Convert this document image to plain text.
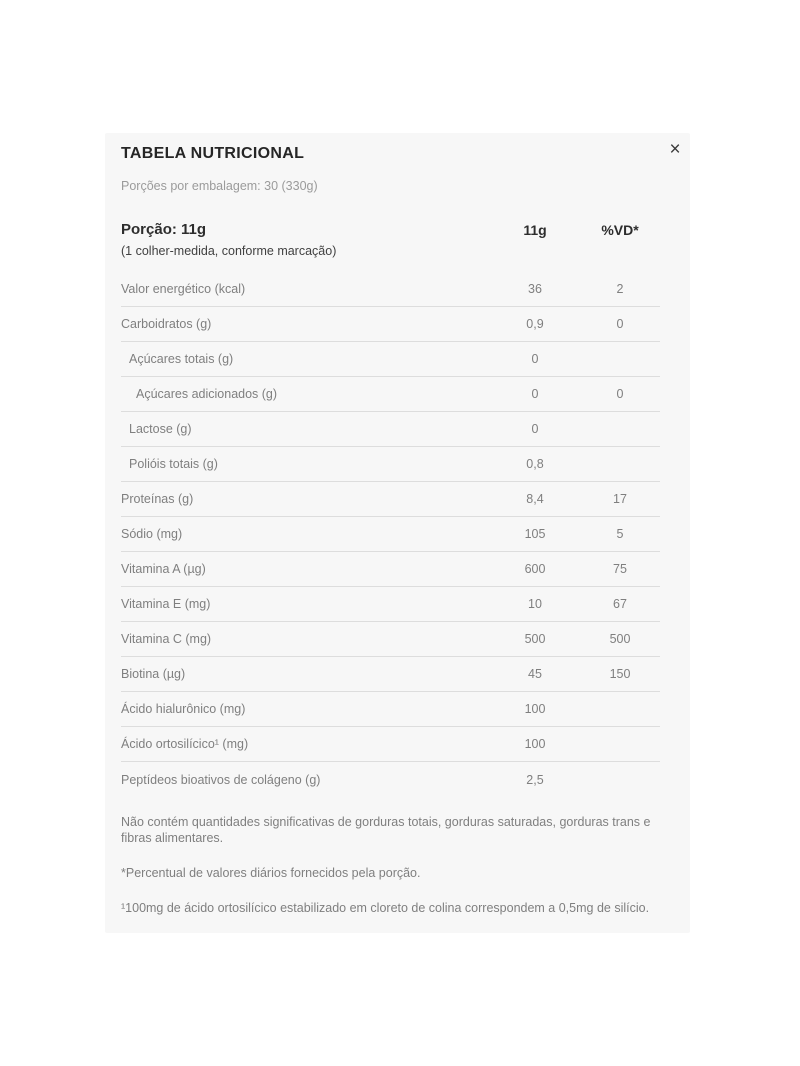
TABELA NUTRICIONAL	×
Porções por embalagem: 30 (330g)
Porção: 11g
(1 colher-medida, conforme marcação)
11g	%VD*
Valor energético (kcal)	36	2
Carboidratos (g)	0,9	0
Açúcares totais (g)	0
Açúcares adicionados (g)	0	0
Lactose (g)	0
Polióis totais (g)	0,8
Proteínas (g)	8,4	17
Sódio (mg)	105	5
Vitamina A (µg)	600	75
Vitamina E (mg)	10	67
Vitamina C (mg)	500	500
Biotina (µg)	45	150
Ácido hialurônico (mg)	100
Ácido ortosilícico¹ (mg)	100
Peptídeos bioativos de colágeno (g)	2,5

Não contém quantidades significativas de gorduras totais, gorduras saturadas, gorduras trans e fibras alimentares.

*Percentual de valores diários fornecidos pela porção.

¹100mg de ácido ortosilícico estabilizado em cloreto de colina correspondem a 0,5mg de silício.
